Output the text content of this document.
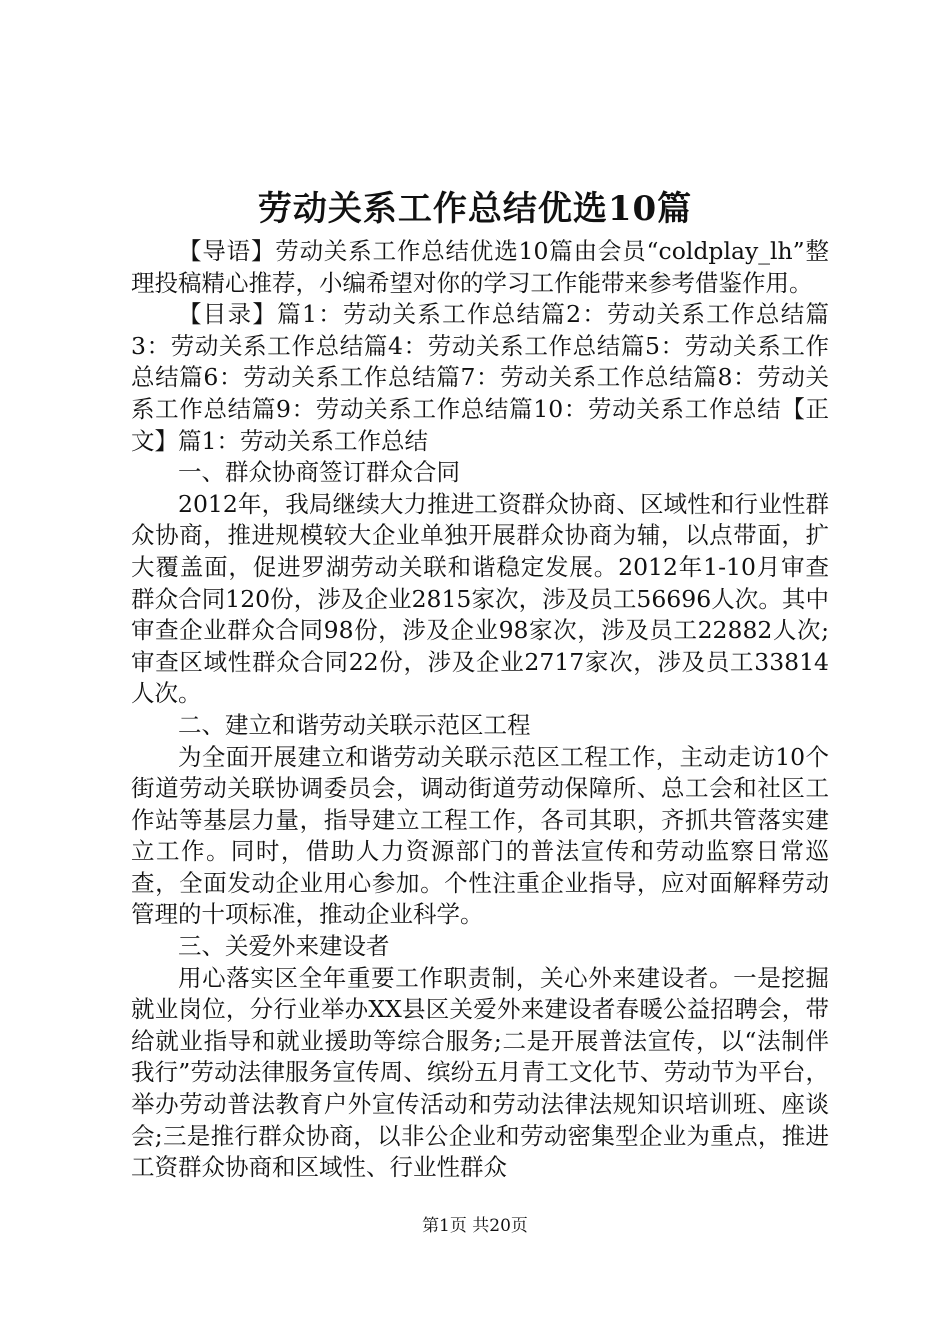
劳动关系工作总结优选10篇

【导语】劳动关系工作总结优选10篇由会员“coldplay_lh”整理投稿精心推荐，小编希望对你的学习工作能带来参考借鉴作用。

【目录】篇1：劳动关系工作总结篇2：劳动关系工作总结篇3：劳动关系工作总结篇4：劳动关系工作总结篇5：劳动关系工作总结篇6：劳动关系工作总结篇7：劳动关系工作总结篇8：劳动关系工作总结篇9：劳动关系工作总结篇10：劳动关系工作总结【正文】篇1：劳动关系工作总结

一、群众协商签订群众合同

2012年，我局继续大力推进工资群众协商、区域性和行业性群众协商，推进规模较大企业单独开展群众协商为辅，以点带面，扩大覆盖面，促进罗湖劳动关联和谐稳定发展。2012年1-10月审查群众合同120份，涉及企业2815家次，涉及员工56696人次。其中审查企业群众合同98份，涉及企业98家次，涉及员工22882人次;审查区域性群众合同22份，涉及企业2717家次，涉及员工33814人次。

二、建立和谐劳动关联示范区工程

为全面开展建立和谐劳动关联示范区工程工作，主动走访10个街道劳动关联协调委员会，调动街道劳动保障所、总工会和社区工作站等基层力量，指导建立工程工作，各司其职，齐抓共管落实建立工作。同时，借助人力资源部门的普法宣传和劳动监察日常巡查，全面发动企业用心参加。个性注重企业指导，应对面解释劳动管理的十项标准，推动企业科学。

三、关爱外来建设者

用心落实区全年重要工作职责制，关心外来建设者。一是挖掘就业岗位，分行业举办XX县区关爱外来建设者春暖公益招聘会，带给就业指导和就业援助等综合服务;二是开展普法宣传，以“法制伴我行”劳动法律服务宣传周、缤纷五月青工文化节、劳动节为平台，举办劳动普法教育户外宣传活动和劳动法律法规知识培训班、座谈会;三是推行群众协商，以非公企业和劳动密集型企业为重点，推进工资群众协商和区域性、行业性群众

第1页 共20页
